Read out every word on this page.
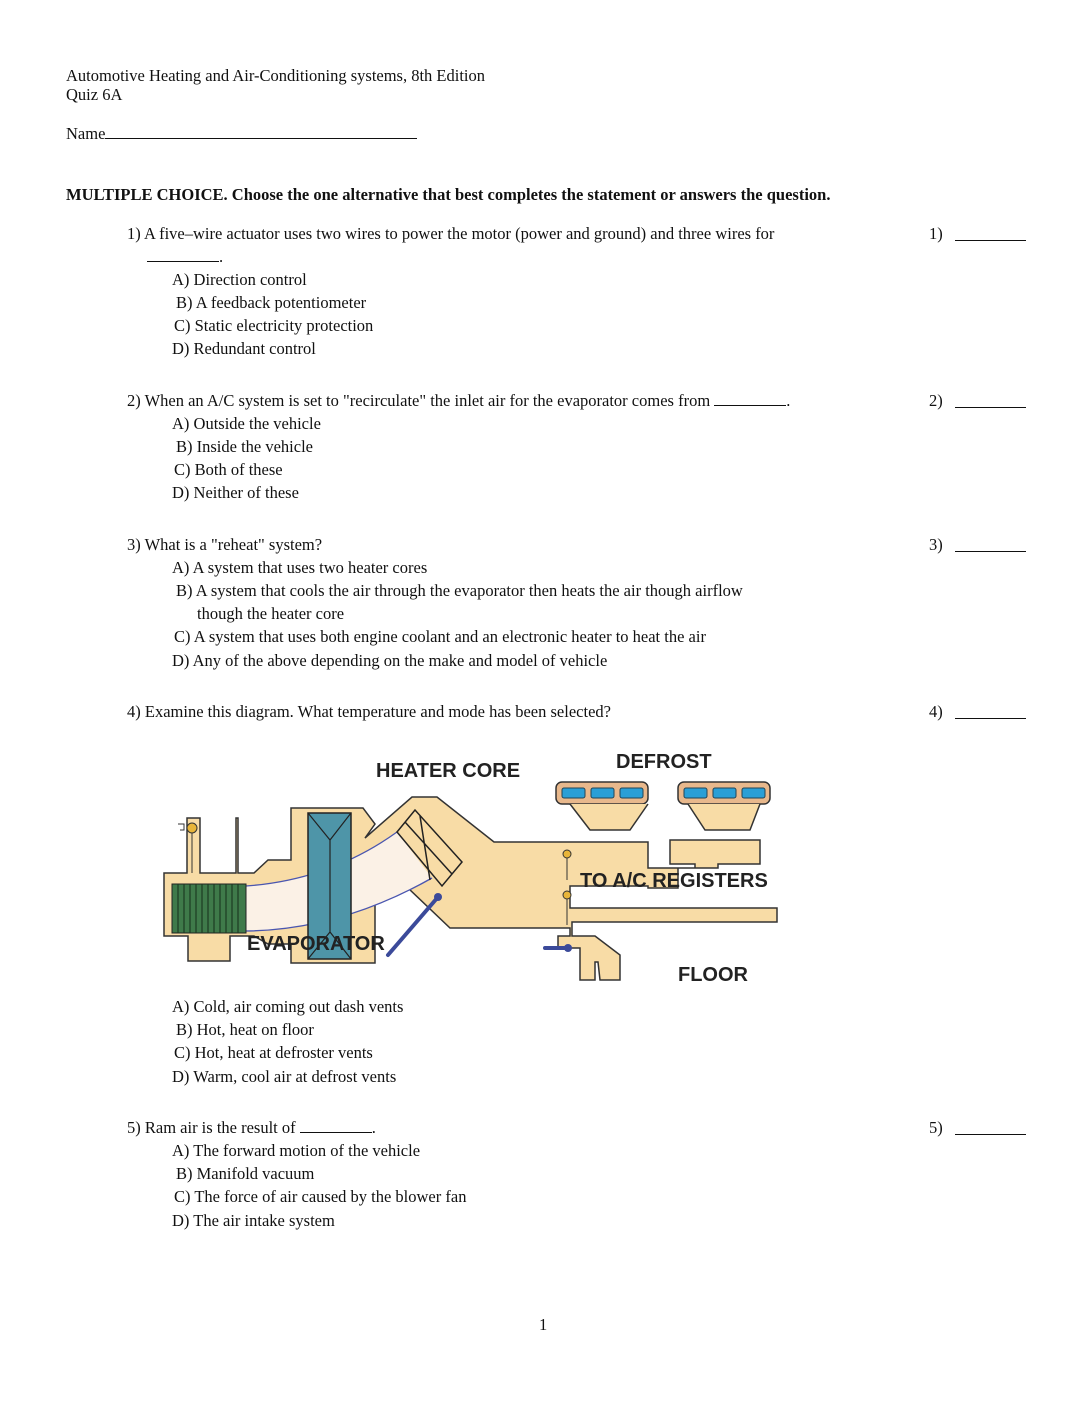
Automotive Heating and Air-Conditioning systems, 8th Edition
Quiz 6A
Name
MULTIPLE CHOICE. Choose the one alternative that best completes the statement or answers the question.
1) A five–wire actuator uses two wires to power the motor (power and ground) and three wires for
.
A) Direction control
B) A feedback potentiometer
C) Static electricity protection
D) Redundant control
1)
2) When an A/C system is set to "recirculate" the inlet air for the evaporator comes from	.
A) Outside the vehicle
B) Inside the vehicle
C) Both of these
D) Neither of these
2)
3) What is a "reheat" system?
A) A system that uses two heater cores
B) A system that cools the air through the evaporator then heats the air though airflow
though the heater core
C) A system that uses both engine coolant and an electronic heater to heat the air
D) Any of the above depending on the make and model of vehicle
3)
4) Examine this diagram. What temperature and mode has been selected?	4)
HEATER CORE	DEFROST
TO A/C REGISTERS
EVAPORATOR
FLOOR
A) Cold, air coming out dash vents
B) Hot, heat on floor
C) Hot, heat at defroster vents
D) Warm, cool air at defrost vents
5) Ram air is the result of	.
A) The forward motion of the vehicle
B) Manifold vacuum
C) The force of air caused by the blower fan
D) The air intake system
5)
1
